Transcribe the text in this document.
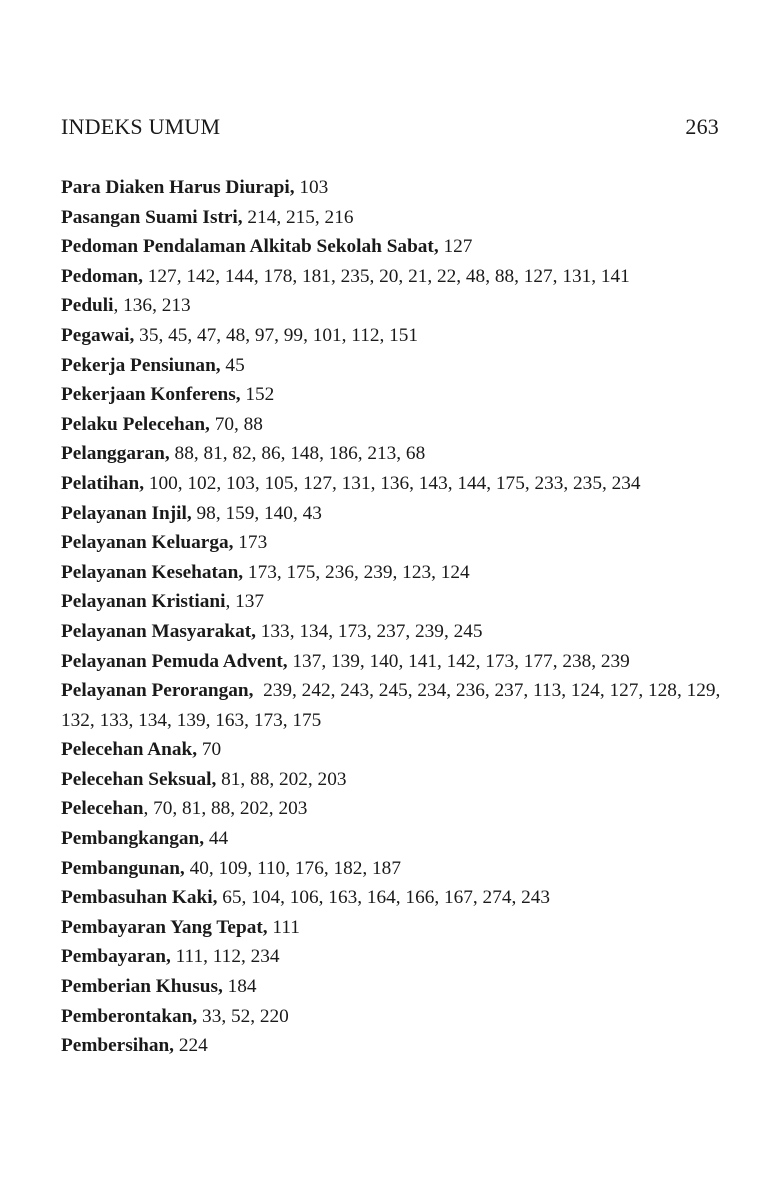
INDEKS UMUM	263
Para Diaken Harus Diurapi, 103
Pasangan Suami Istri, 214, 215, 216
Pedoman Pendalaman Alkitab Sekolah Sabat, 127
Pedoman, 127, 142, 144, 178, 181, 235, 20, 21, 22, 48, 88, 127, 131, 141
Peduli, 136, 213
Pegawai, 35, 45, 47, 48, 97, 99, 101, 112, 151
Pekerja Pensiunan, 45
Pekerjaan Konferens, 152
Pelaku Pelecehan, 70, 88
Pelanggaran, 88, 81, 82, 86, 148, 186, 213, 68
Pelatihan, 100, 102, 103, 105, 127, 131, 136, 143, 144, 175, 233, 235, 234
Pelayanan Injil, 98, 159, 140, 43
Pelayanan Keluarga, 173
Pelayanan Kesehatan, 173, 175, 236, 239, 123, 124
Pelayanan Kristiani, 137
Pelayanan Masyarakat, 133, 134, 173, 237, 239, 245
Pelayanan Pemuda Advent, 137, 139, 140, 141, 142, 173, 177, 238, 239
Pelayanan Perorangan,  239, 242, 243, 245, 234, 236, 237, 113, 124, 127, 128, 129, 132, 133, 134, 139, 163, 173, 175
Pelecehan Anak, 70
Pelecehan Seksual, 81, 88, 202, 203
Pelecehan, 70, 81, 88, 202, 203
Pembangkangan, 44
Pembangunan, 40, 109, 110, 176, 182, 187
Pembasuhan Kaki, 65, 104, 106, 163, 164, 166, 167, 274, 243
Pembayaran Yang Tepat, 111
Pembayaran, 111, 112, 234
Pemberian Khusus, 184
Pemberontakan, 33, 52, 220
Pembersihan, 224
